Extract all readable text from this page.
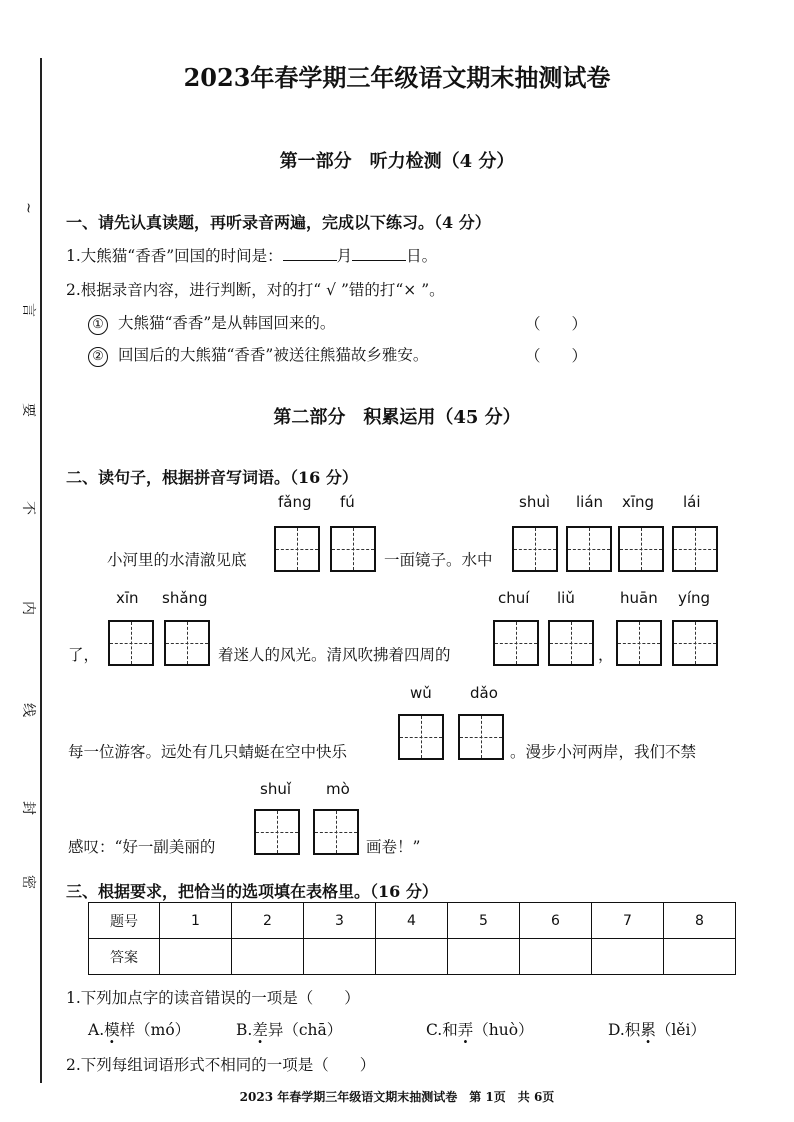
~
言
要
不
内
线
封
密
2023年春学期三年级语文期末抽测试卷
第一部分　听力检测（4 分）
一、请先认真读题，再听录音两遍，完成以下练习。（4 分）
1.大熊猫“香香”回国的时间是：	月	日。
2.根据录音内容，进行判断，对的打“ √ ”错的打“× ”。
① 大熊猫“香香”是从韩国回来的。	（　　）
② 回国后的大熊猫“香香”被送往熊猫故乡雅安。	（　　）
第二部分　积累运用（45 分）
二、读句子，根据拼音写词语。（16 分）
fǎng fú	shuì lián xīng lái
小河里的水清澈见底	一面镜子。水中
xīn shǎng	chuí liǔ	huān yíng
了，	着迷人的风光。清风吹拂着四周的	，
wǔ	dǎo
每一位游客。远处有几只蜻蜓在空中快乐	。漫步小河两岸，我们不禁
shuǐ mò
感叹：“好一副美丽的	画卷！”
三、根据要求，把恰当的选项填在表格里。（16 分）
题号	1	2	3	4	5	6	7	8
答案								
1.下列加点字的读音错误的一项是（　　）
A.模样（mó）	B.差异（chā）	C.和弄（huò）	D.积累（lěi）
2.下列每组词语形式不相同的一项是（　　）
2023 年春学期三年级语文期末抽测试卷　第 1页　共 6页
